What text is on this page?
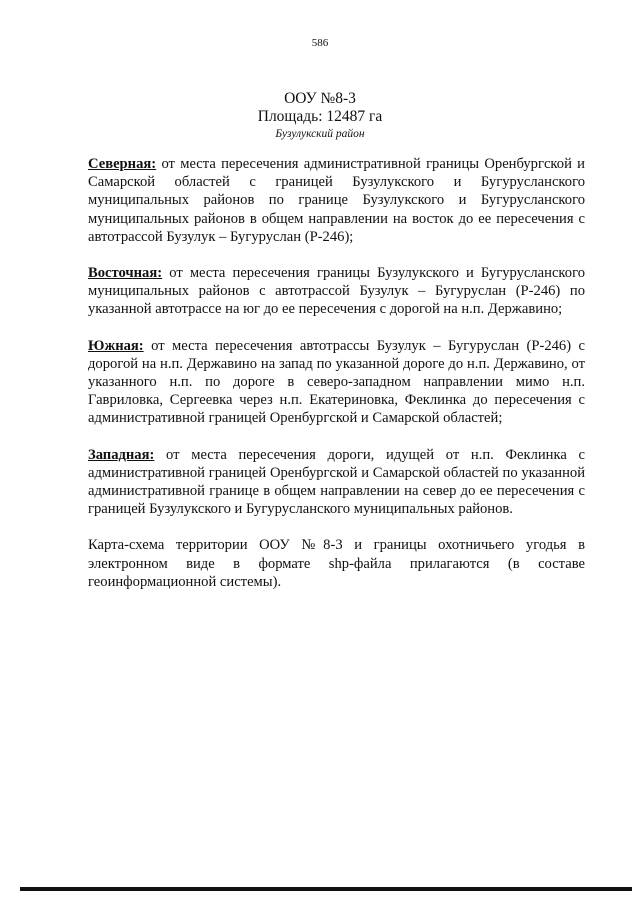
586
ООУ №8-3
Площадь: 12487 га
Бузулукский район

Северная: от места пересечения административной границы Оренбургской и Самарской областей с границей Бузулукского и Бугурусланского муниципальных районов по границе Бузулукского и Бугурусланского муниципальных районов в общем направлении на восток до ее пересечения с автотрассой Бузулук – Бугуруслан (Р-246);

Восточная: от места пересечения границы Бузулукского и Бугурусланского муниципальных районов с автотрассой Бузулук – Бугуруслан (Р-246) по указанной автотрассе на юг до ее пересечения с дорогой на н.п. Державино;

Южная: от места пересечения автотрассы Бузулук – Бугуруслан (Р-246) с дорогой на н.п. Державино на запад по указанной дороге до н.п. Державино, от указанного н.п. по дороге в северо-западном направлении мимо н.п. Гавриловка, Сергеевка через н.п. Екатериновка, Феклинка до пересечения с административной границей Оренбургской и Самарской областей;

Западная: от места пересечения дороги, идущей от н.п. Феклинка с административной границей Оренбургской и Самарской областей по указанной административной границе в общем направлении на север до ее пересечения с границей Бузулукского и Бугурусланского муниципальных районов.

Карта-схема территории ООУ №8-3 и границы охотничьего угодья в электронном виде в формате shp-файла прилагаются (в составе геоинформационной системы).
